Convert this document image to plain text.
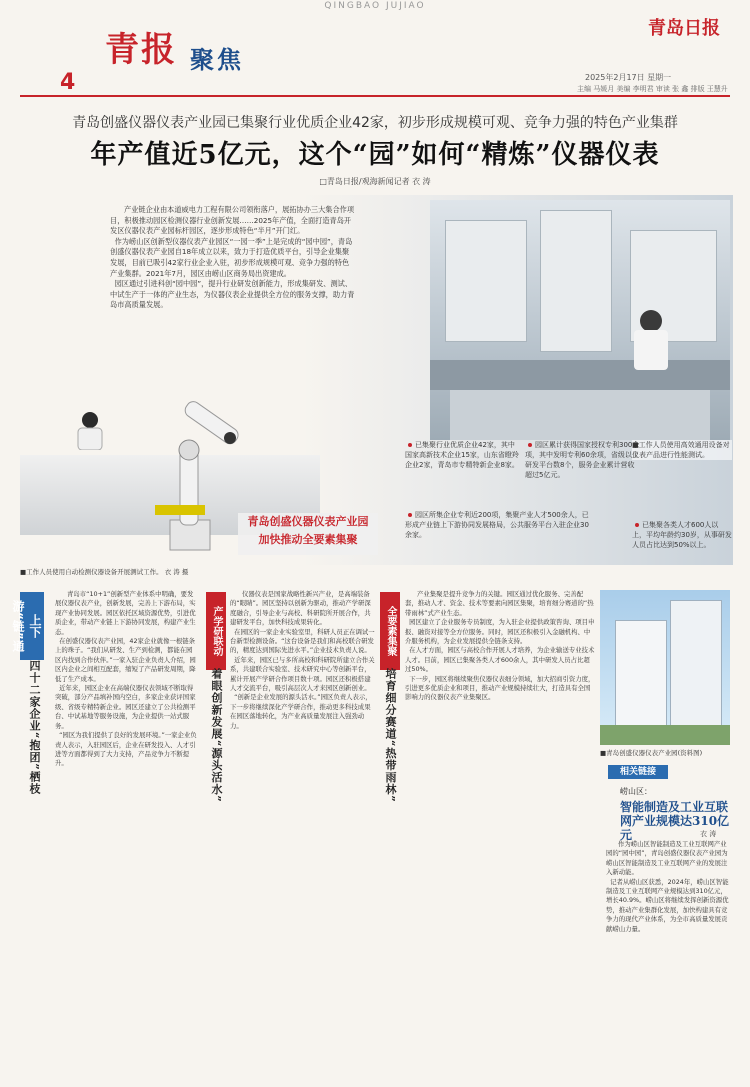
QINGBAO JUJIAO
青报 聚焦
4
青岛日报
2025年2月17日 星期一
主编 马媛月 美编 李明君 审读 张 鑫 排版 王慧升
青岛创盛仪器仪表产业园已集聚行业优质企业42家，初步形成规模可观、竞争力强的特色产业集群
年产值近5亿元，这个“园”如何“精炼”仪器仪表
□青岛日报/观海新闻记者 衣 涛
产业链企业由本道威电力工程有限公司领衔落户，展拓协办三大集合作项目，积极推动园区检测仪器行业创新发展……2025年产值，全面打造青岛开发区仪器仪表产业园标杆园区，逐步形成特色“半月”开门红。
作为崂山区创新型仪器仪表产业园区“一园一季”上是完成的“园中园”，青岛创盛仪器仪表产业园自18年成立以来，致力于打造优质平台，引导企业集聚发展，目前已吸引42家行业企业入驻，初步形成规模可观、竞争力强的特色产业集群。2021年7月，园区由崂山区商务局出资建成。
园区通过引进科创“园中园”，提升行业研发创新能力，形成集研发、测试、中试生产于一体的产业生态，为仪器仪表企业提供全方位的服务支撑，助力青岛市高质量发展。
青岛创盛仪器仪表产业园
加快推动全要素集聚
■工作人员使用自动检测仪器设备开展测试工作。 衣 涛 摄
■工作人员使用高效通用设备对仪表产品进行性能测试。
已集聚行业优质企业42家，其中国家高新技术企业15家，山东省瞪羚企业2家，青岛市专精特新企业8家。
园区累计获得国家授权专利300余项，其中发明专利60余项，省级以上研发平台数8个，服务企业累计营收超过5亿元。
园区所集企业专利近200项，集聚产业人才500余人，已形成产业链上下游协同发展格局，公共服务平台入驻企业30余家。
已集聚各类人才600人以上，平均年龄约30岁，从事研发人员占比达到50%以上。
上下游“链”通
四十二家企业“抱团”栖枝
青岛市“10+1”创新型产业体系中明确，要发展仪器仪表产业，创新发展，完善上下游布局，实现产业协同发展。园区依托区域资源优势，引进优质企业，带动产业链上下游协同发展，构建产业生态。
在创盛仪器仪表产业园，42家企业就像一根链条上的珠子。“我们从研发、生产到检测，都能在园区内找到合作伙伴。”一家入驻企业负责人介绍，园区内企业之间相互配套，缩短了产品研发周期，降低了生产成本。
近年来，园区企业在高端仪器仪表领域不断取得突破，部分产品填补国内空白，多家企业获评国家级、省级专精特新企业。园区还建立了公共检测平台、中试基地等服务设施，为企业提供一站式服务。
“园区为我们提供了良好的发展环境。”一家企业负责人表示，入驻园区后，企业在研发投入、人才引进等方面都得到了大力支持，产品竞争力不断提升。
产学研联动
着眼创新发展“源头活水”
仪器仪表是国家战略性新兴产业，是高端装备的“眼睛”。园区坚持以创新为驱动，推动产学研深度融合，引导企业与高校、科研院所开展合作，共建研发平台，加快科技成果转化。
在园区的一家企业实验室里，科研人员正在调试一台新型检测设备。“这台设备是我们和高校联合研发的，精度达到国际先进水平。”企业技术负责人说。
近年来，园区已与多所高校和科研院所建立合作关系，共建联合实验室、技术研究中心等创新平台，累计开展产学研合作项目数十项。园区还积极搭建人才交流平台，吸引高层次人才来园区创新创业。
“创新是企业发展的源头活水。”园区负责人表示，下一步将继续深化产学研合作，推动更多科技成果在园区落地转化，为产业高质量发展注入强劲动力。
全要素集聚
培育细分赛道“热带雨林”
产业集聚是提升竞争力的关键。园区通过优化服务、完善配套，推动人才、资金、技术等要素向园区集聚，培育细分赛道的“热带雨林”式产业生态。
园区建立了企业服务专员制度，为入驻企业提供政策咨询、项目申报、融资对接等全方位服务。同时，园区还积极引入金融机构、中介服务机构，为企业发展提供全链条支持。
在人才方面，园区与高校合作开展人才培养，为企业输送专业技术人才。目前，园区已集聚各类人才600余人，其中研发人员占比超过50%。
下一步，园区将继续聚焦仪器仪表细分领域，加大招商引资力度，引进更多优质企业和项目，推动产业规模持续壮大，打造具有全国影响力的仪器仪表产业集聚区。
■青岛创盛仪器仪表产业园(资料图)
相关链接
崂山区：
智能制造及工业互联网产业规模达310亿元	衣 涛
作为崂山区智能制造及工业互联网产业园的“园中园”，青岛创盛仪器仪表产业园为崂山区智能制造及工业互联网产业的发展注入新动能。
记者从崂山区获悉，2024年，崂山区智能制造及工业互联网产业规模达到310亿元，增长40.9%。崂山区将继续发挥创新资源优势，推动产业集群化发展，加快构建具有竞争力的现代产业体系，为全市高质量发展贡献崂山力量。
